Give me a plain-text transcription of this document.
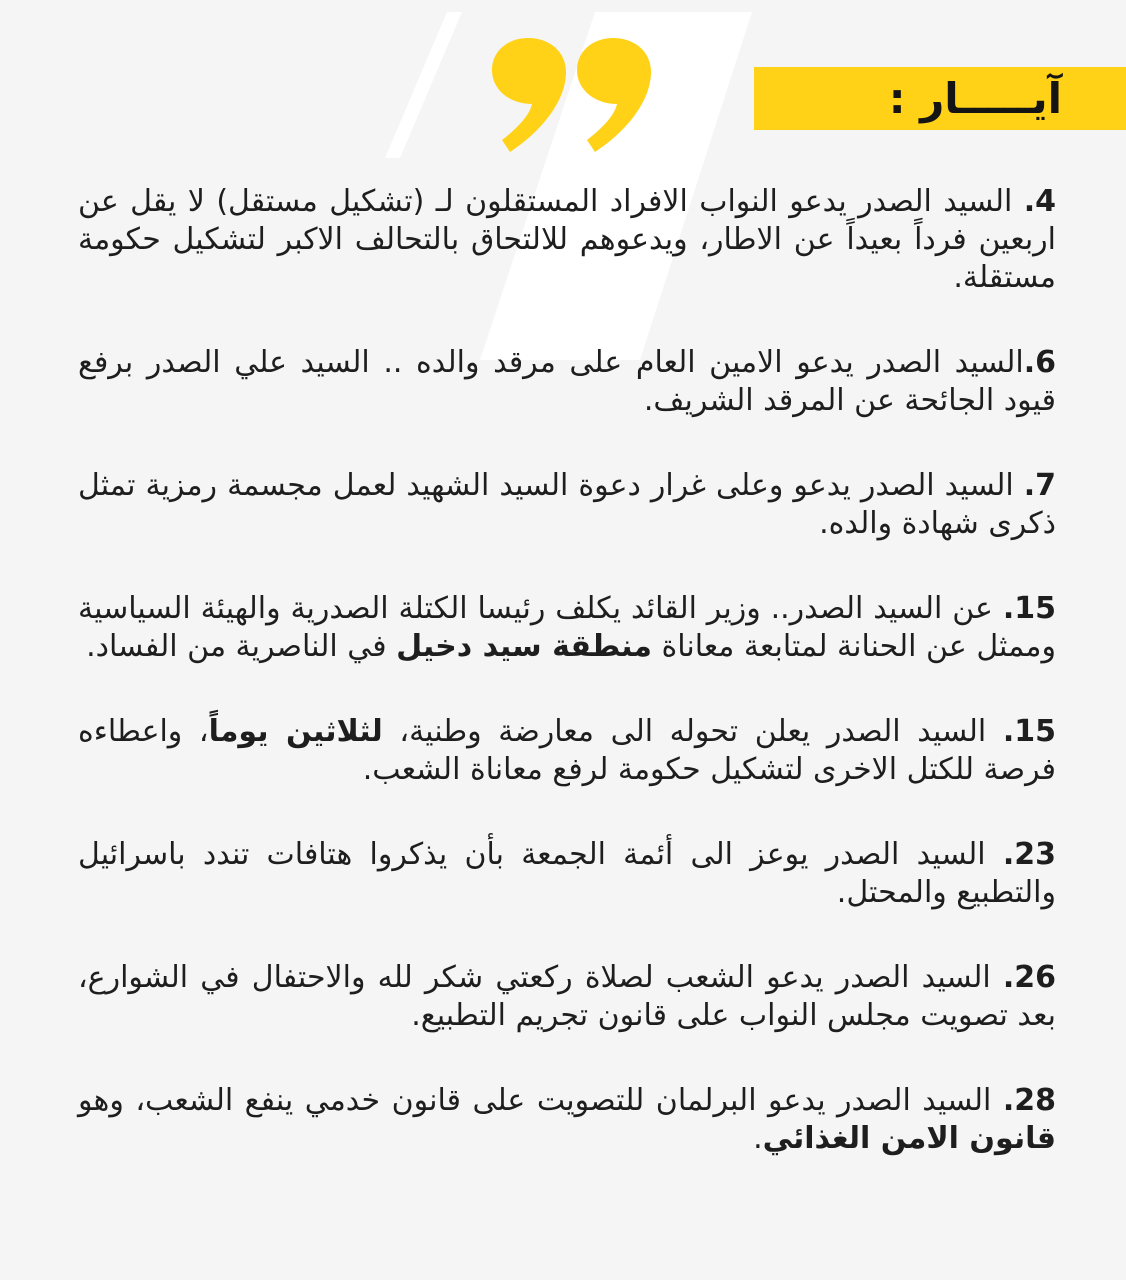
آيـــــار :

4. السيد الصدر يدعو النواب الافراد المستقلون لـ (تشكيل مستقل) لا يقل عن اربعين فرداً بعيداً عن الاطار، ويدعوهم للالتحاق بالتحالف الاكبر لتشكيل حكومة مستقلة.

6.السيد الصدر يدعو الامين العام على مرقد والده .. السيد علي الصدر برفع قيود الجائحة عن المرقد الشريف.

7. السيد الصدر يدعو وعلى غرار دعوة السيد الشهيد لعمل مجسمة رمزية تمثل ذكرى شهادة والده.

15. عن السيد الصدر.. وزير القائد يكلف رئيسا الكتلة الصدرية والهيئة السياسية وممثل عن الحنانة لمتابعة معاناة منطقة سيد دخيل في الناصرية من الفساد.

15. السيد الصدر يعلن تحوله الى معارضة وطنية، لثلاثين يوماً، واعطاءه فرصة للكتل الاخرى لتشكيل حكومة لرفع معاناة الشعب.

23. السيد الصدر يوعز الى أئمة الجمعة بأن يذكروا هتافات تندد باسرائيل والتطبيع والمحتل.

26. السيد الصدر يدعو الشعب لصلاة ركعتي شكر لله والاحتفال في الشوارع، بعد تصويت مجلس النواب على قانون تجريم التطبيع.

28. السيد الصدر يدعو البرلمان للتصويت على قانون خدمي ينفع الشعب، وهو قانون الامن الغذائي.
